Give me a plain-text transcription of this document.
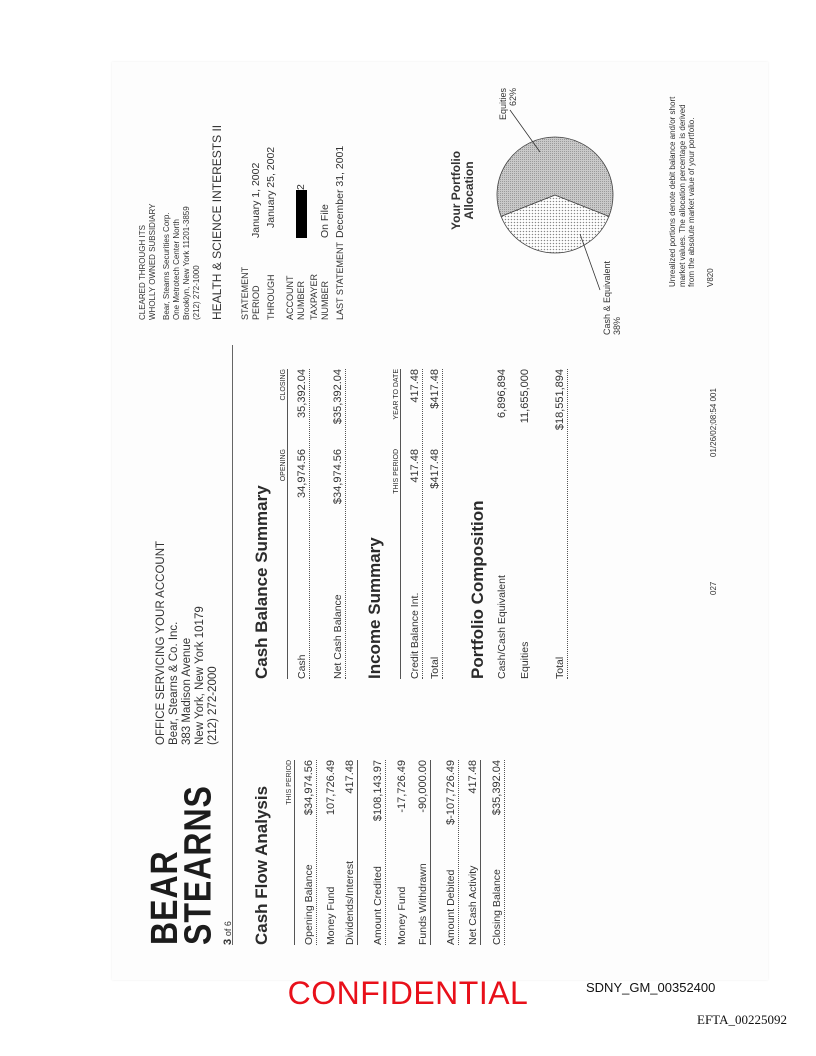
BEAR
STEARNS 3 of 6
OFFICE SERVICING YOUR ACCOUNT Bear, Stearns & Co. Inc. 383 Madison Avenue New York, New York 10179 (212) 272-2000
CLEARED THROUGH ITS WHOLLY OWNED SUBSIDIARY Bear, Stearns Securities Corp. One Metrotech Center North Brooklyn, New York 11201-3859 (212) 272-1000 HEALTH & SCIENCE INTERESTS II STATEMENT PERIODJanuary 1, 2002
THROUGHJanuary 25, 2002
ACCOUNT NUMBER2
TAXPAYER NUMBEROn File
LAST STATEMENTDecember 31, 2001
Cash Flow Analysis
THIS PERIOD
Opening Balance
$34,974.56
Money Fund
107,726.49
Dividends/Interest
417.48
Amount Credited
$108,143.97
Money Fund
-17,726.49
Funds Withdrawn
-90,000.00
Amount Debited
$-107,726.49
Net Cash Activity
417.48
Closing Balance
$35,392.04
Cash Balance Summary
OPENING
CLOSING
Cash
34,974.56
35,392.04
Net Cash Balance
$34,974.56
$35,392.04
Income Summary
THIS PERIOD
YEAR TO DATE
Credit Balance Int.
417.48
417.48
Total
$417.48
$417.48
Portfolio Composition Cash/Cash Equivalent
6,896,894
Equities
11,655,000
Total
$18,551,894
Your Portfolio Allocation
Cash & Equivalent 38%
Equities 62%	Unrealized portions denote debit balance and/or short market values. The allocation percentage is derived from the absolute market value of your portfolio. V820
027
01/26/02;08:54 001
CONFIDENTIAL	SDNY_GM_00352400
EFTA_00225092
